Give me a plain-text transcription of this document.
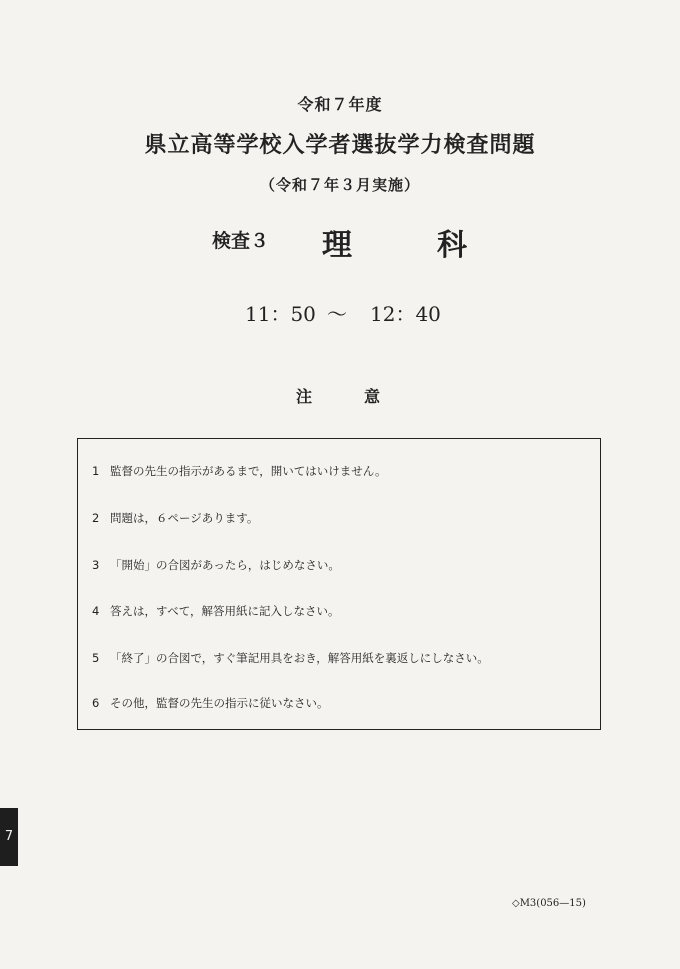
令和７年度
県立高等学校入学者選抜学力検査問題
（令和７年３月実施）
検査３ 理	科
11：50 ～ 12：40
注	意
1 監督の先生の指示があるまで，開いてはいけません。
2 問題は，６ページあります。
3 「開始」の合図があったら，はじめなさい。
4 答えは，すべて，解答用紙に記入しなさい。
5 「終了」の合図で，すぐ筆記用具をおき，解答用紙を裏返しにしなさい。
6 その他，監督の先生の指示に従いなさい。
7
◇M3(056—15)
